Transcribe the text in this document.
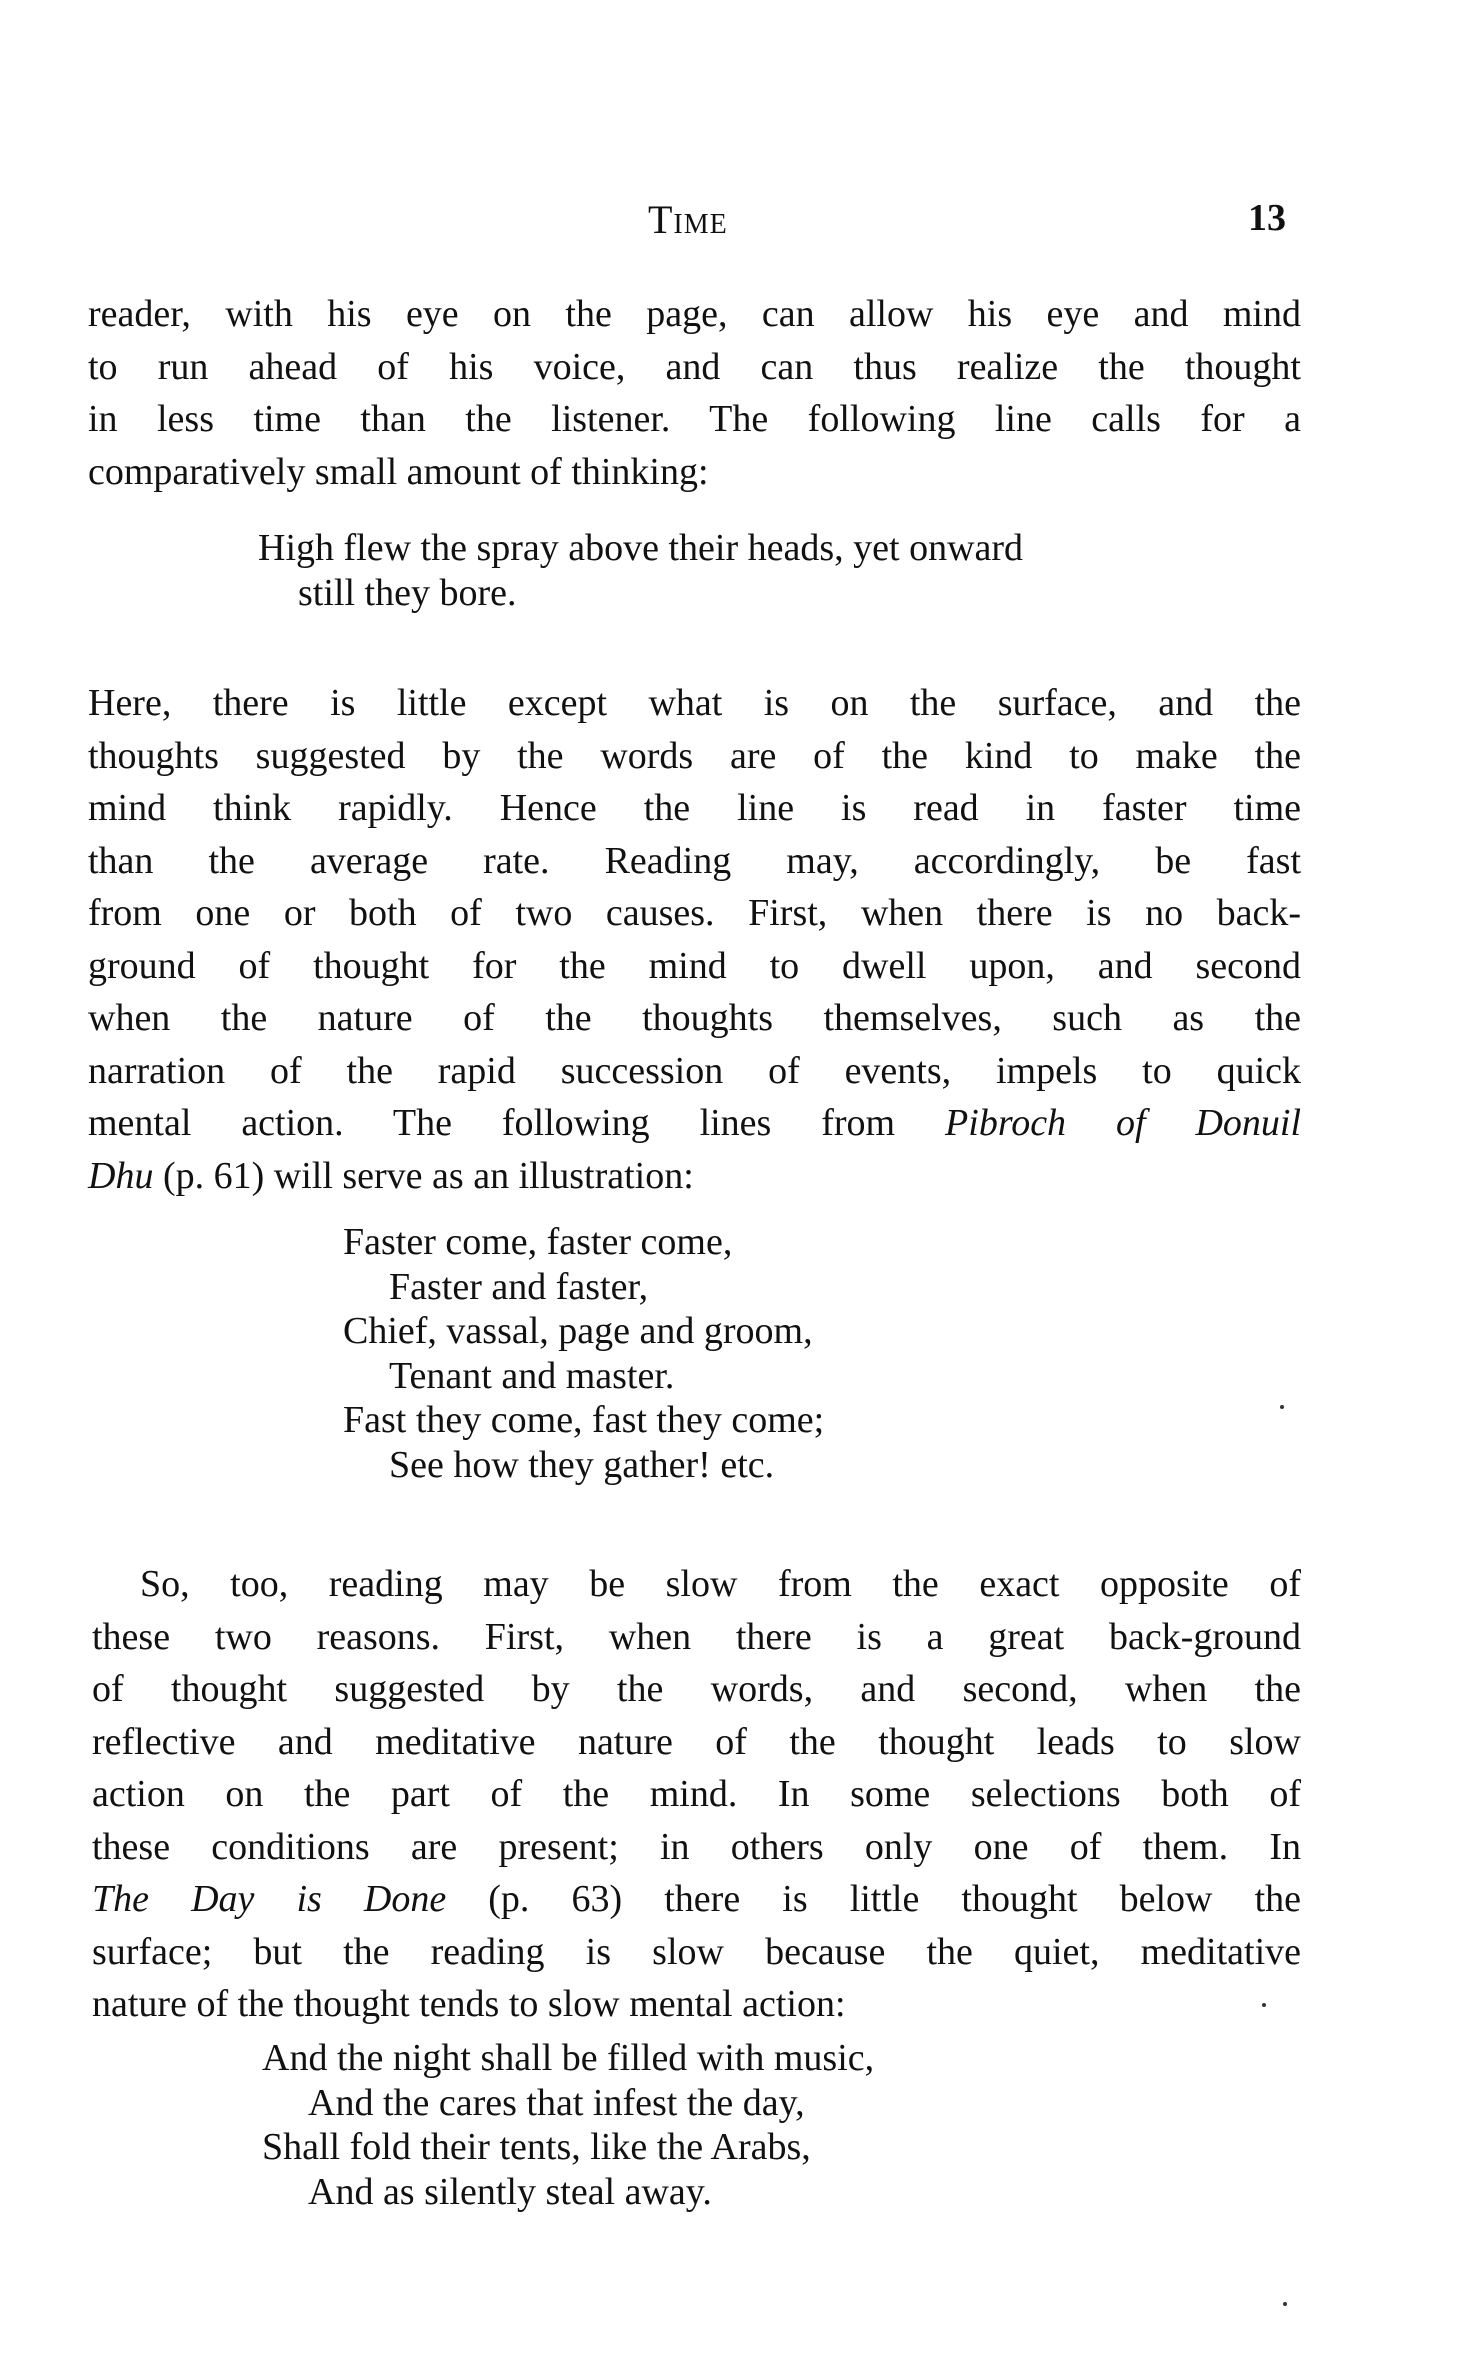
Time	13
reader, with his eye on the page, can allow his eye and mind
to run ahead of his voice, and can thus realize the thought
in less time than the listener. The following line calls for a
comparatively small amount of thinking:
High flew the spray above their heads, yet onward
still they bore.
Here, there is little except what is on the surface, and the
thoughts suggested by the words are of the kind to make the
mind think rapidly. Hence the line is read in faster time
than the average rate. Reading may, accordingly, be fast
from one or both of two causes. First, when there is no back-
ground of thought for the mind to dwell upon, and second
when the nature of the thoughts themselves, such as the
narration of the rapid succession of events, impels to quick
mental action. The following lines from Pibroch of Donuil
Dhu (p. 61) will serve as an illustration:
Faster come, faster come,
Faster and faster,
Chief, vassal, page and groom,
Tenant and master.
Fast they come, fast they come;
See how they gather! etc.
So, too, reading may be slow from the exact opposite of
these two reasons. First, when there is a great back-ground
of thought suggested by the words, and second, when the
reflective and meditative nature of the thought leads to slow
action on the part of the mind. In some selections both of
these conditions are present; in others only one of them. In
The Day is Done (p. 63) there is little thought below the
surface; but the reading is slow because the quiet, meditative
nature of the thought tends to slow mental action:
And the night shall be filled with music,
And the cares that infest the day,
Shall fold their tents, like the Arabs,
And as silently steal away.
